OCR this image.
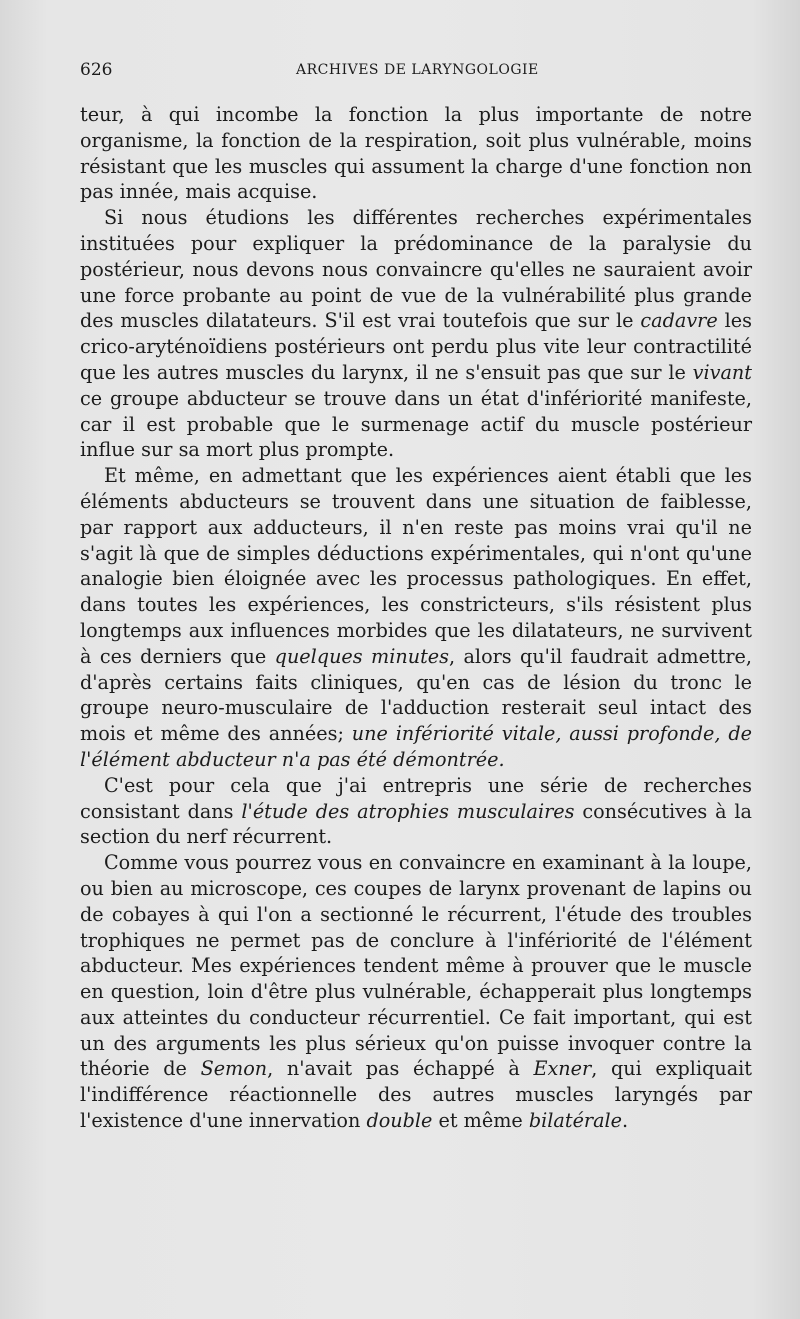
626	ARCHIVES DE LARYNGOLOGIE

teur, à qui incombe la fonction la plus importante de notre organisme, la fonction de la respiration, soit plus vulnérable, moins résistant que les muscles qui assument la charge d'une fonction non pas innée, mais acquise.

Si nous étudions les différentes recherches expérimentales instituées pour expliquer la prédominance de la paralysie du postérieur, nous devons nous convaincre qu'elles ne sauraient avoir une force probante au point de vue de la vulnérabilité plus grande des muscles dilatateurs. S'il est vrai toutefois que sur le cadavre les crico-aryténoïdiens postérieurs ont perdu plus vite leur contractilité que les autres muscles du larynx, il ne s'ensuit pas que sur le vivant ce groupe abducteur se trouve dans un état d'infériorité manifeste, car il est probable que le surmenage actif du muscle postérieur influe sur sa mort plus prompte.

Et même, en admettant que les expériences aient établi que les éléments abducteurs se trouvent dans une situation de faiblesse, par rapport aux adducteurs, il n'en reste pas moins vrai qu'il ne s'agit là que de simples déductions expérimentales, qui n'ont qu'une analogie bien éloignée avec les processus pathologiques. En effet, dans toutes les expériences, les constricteurs, s'ils résistent plus longtemps aux influences morbides que les dilatateurs, ne survivent à ces derniers que quelques minutes, alors qu'il faudrait admettre, d'après certains faits cliniques, qu'en cas de lésion du tronc le groupe neuro-musculaire de l'adduction resterait seul intact des mois et même des années; une infériorité vitale, aussi profonde, de l'élément abducteur n'a pas été démontrée.

C'est pour cela que j'ai entrepris une série de recherches consistant dans l'étude des atrophies musculaires consécutives à la section du nerf récurrent.

Comme vous pourrez vous en convaincre en examinant à la loupe, ou bien au microscope, ces coupes de larynx provenant de lapins ou de cobayes à qui l'on a sectionné le récurrent, l'étude des troubles trophiques ne permet pas de conclure à l'infériorité de l'élément abducteur. Mes expériences tendent même à prouver que le muscle en question, loin d'être plus vulnérable, échapperait plus longtemps aux atteintes du conducteur récurrentiel. Ce fait important, qui est un des arguments les plus sérieux qu'on puisse invoquer contre la théorie de Semon, n'avait pas échappé à Exner, qui expliquait l'indifférence réactionnelle des autres muscles laryngés par l'existence d'une innervation double et même bilatérale.
